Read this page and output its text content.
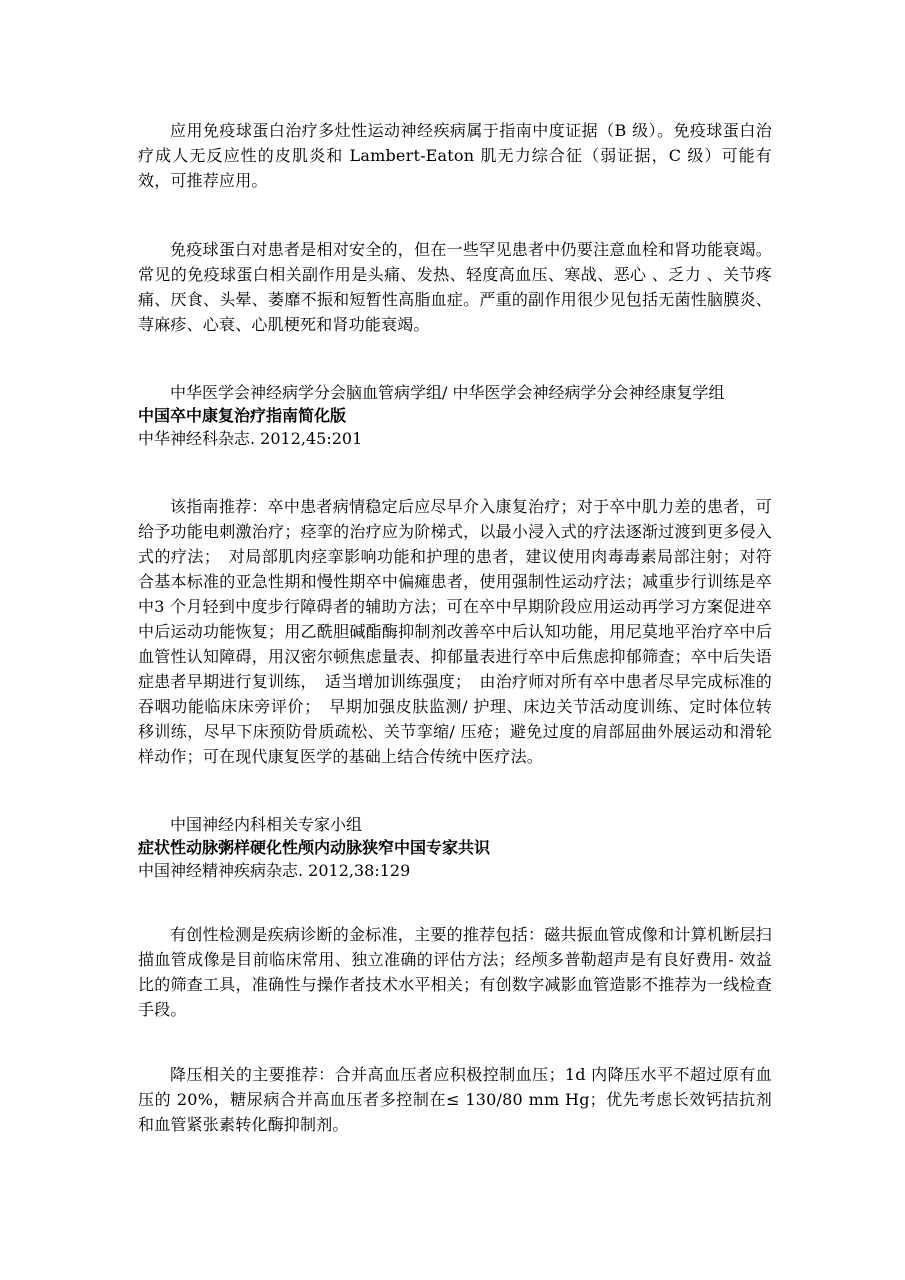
应用免疫球蛋白治疗多灶性运动神经疾病属于指南中度证据（B 级）。免疫球蛋白治疗成人无反应性的皮肌炎和 Lambert-Eaton 肌无力综合征（弱证据，C 级）可能有效，可推荐应用。

免疫球蛋白对患者是相对安全的，但在一些罕见患者中仍要注意血栓和肾功能衰竭。常见的免疫球蛋白相关副作用是头痛、发热、轻度高血压、寒战、恶心 、乏力 、关节疼痛、厌食、头晕、萎靡不振和短暂性高脂血症。严重的副作用很少见包括无菌性脑膜炎、荨麻疹、心衰、心肌梗死和肾功能衰竭。

中华医学会神经病学分会脑血管病学组/ 中华医学会神经病学分会神经康复学组

中国卒中康复治疗指南简化版

中华神经科杂志. 2012,45:201

该指南推荐：卒中患者病情稳定后应尽早介入康复治疗；对于卒中肌力差的患者，可给予功能电刺激治疗；痉挛的治疗应为阶梯式，以最小浸入式的疗法逐渐过渡到更多侵入式的疗法；　对局部肌肉痉挛影响功能和护理的患者，建议使用肉毒毒素局部注射；对符合基本标准的亚急性期和慢性期卒中偏瘫患者，使用强制性运动疗法；减重步行训练是卒中3 个月轻到中度步行障碍者的辅助方法；可在卒中早期阶段应用运动再学习方案促进卒中后运动功能恢复；用乙酰胆碱酯酶抑制剂改善卒中后认知功能，用尼莫地平治疗卒中后血管性认知障碍，用汉密尔顿焦虑量表、抑郁量表进行卒中后焦虑抑郁筛查；卒中后失语症患者早期进行复训练，　适当增加训练强度；　由治疗师对所有卒中患者尽早完成标准的吞咽功能临床床旁评价；　早期加强皮肤监测/ 护理、床边关节活动度训练、定时体位转移训练，尽早下床预防骨质疏松、关节挛缩/ 压疮；避免过度的肩部屈曲外展运动和滑轮样动作；可在现代康复医学的基础上结合传统中医疗法。

中国神经内科相关专家小组

症状性动脉粥样硬化性颅内动脉狭窄中国专家共识

中国神经精神疾病杂志. 2012,38:129

有创性检测是疾病诊断的金标准，主要的推荐包括：磁共振血管成像和计算机断层扫描血管成像是目前临床常用、独立准确的评估方法；经颅多普勒超声是有良好费用- 效益比的筛查工具，准确性与操作者技术水平相关；有创数字减影血管造影不推荐为一线检查手段。

降压相关的主要推荐：合并高血压者应积极控制血压；1d 内降压水平不超过原有血压的 20%，糖尿病合并高血压者多控制在≤ 130/80 mm Hg；优先考虑长效钙拮抗剂和血管紧张素转化酶抑制剂。
